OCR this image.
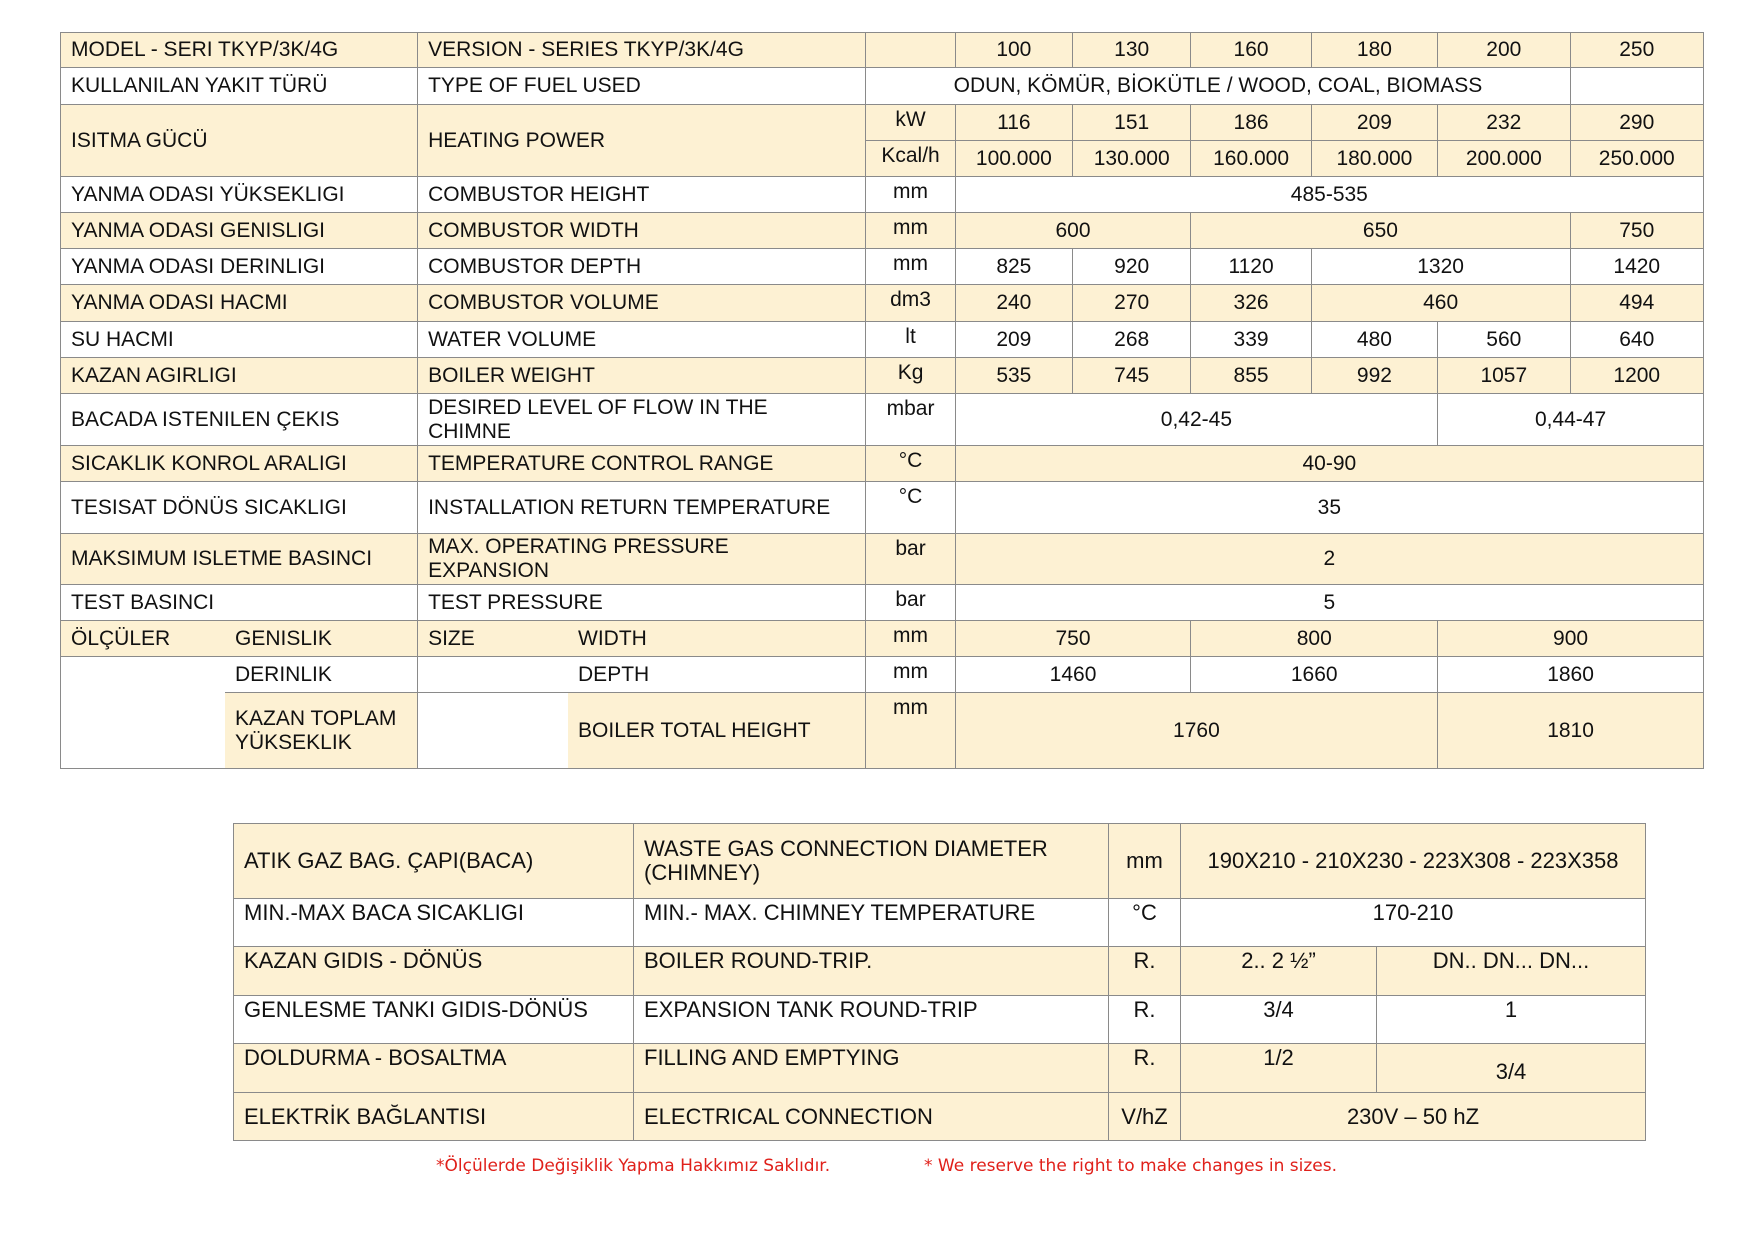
MODEL - SERI TKYP/3K/4G		VERSION - SERIES TKYP/3K/4G			100	130	160	180	200	250
KULLANILAN YAKIT TÜRÜ		TYPE OF FUEL USED		ODUN, KÖMÜR, BİOKÜTLE / WOOD, COAL, BIOMASS						
ISITMA GÜCÜ		HEATING POWER		kW	116	151	186	209	232	290
				Kcal/h	100.000	130.000	160.000	180.000	200.000	250.000
YANMA ODASI YÜKSEKLIGI		COMBUSTOR HEIGHT		mm	485-535					
YANMA ODASI GENISLIGI		COMBUSTOR WIDTH		mm	600		650			750
YANMA ODASI DERINLIGI		COMBUSTOR DEPTH		mm	825	920	1120	1320		1420
YANMA ODASI HACMI		COMBUSTOR VOLUME		dm3	240	270	326	460		494
SU HACMI		WATER VOLUME		lt	209	268	339	480	560	640
KAZAN AGIRLIGI		BOILER WEIGHT		Kg	535	745	855	992	1057	1200
BACADA ISTENILEN ÇEKIS		DESIRED LEVEL OF FLOW IN THE CHIMNE		mbar	0,42-45				0,44-47	
SICAKLIK KONROL ARALIGI		TEMPERATURE CONTROL RANGE		°C	40-90					
TESISAT DÖNÜS SICAKLIGI		INSTALLATION RETURN TEMPERATURE		°C	35					
MAKSIMUM ISLETME BASINCI		MAX. OPERATING PRESSURE EXPANSION		bar	2					
TEST BASINCI		TEST PRESSURE		bar	5					
ÖLÇÜLER	GENISLIK	SIZE	WIDTH	mm	750		800		900	
	DERINLIK		DEPTH	mm	1460		1660		1860	
	KAZAN TOPLAM YÜKSEKLIK		BOILER TOTAL HEIGHT	mm	1760				1810	
ATIK GAZ BAG. ÇAPI(BACA)	WASTE GAS CONNECTION DIAMETER (CHIMNEY)	mm	190X210 - 210X230 - 223X308 - 223X358	
MIN.-MAX BACA SICAKLIGI	MIN.- MAX. CHIMNEY TEMPERATURE	°C	170-210	
KAZAN GIDIS - DÖNÜS	BOILER ROUND-TRIP.	R.	2.. 2 ½”	DN.. DN... DN...
GENLESME TANKI GIDIS-DÖNÜS	EXPANSION TANK ROUND-TRIP	R.	3/4	1
DOLDURMA - BOSALTMA	FILLING AND EMPTYING	R.	1/2	3/4
ELEKTRİK BAĞLANTISI	ELECTRICAL CONNECTION	V/hZ	230V – 50 hZ	
*Ölçülerde Değişiklik Yapma Hakkımız Saklıdır.	* We reserve the right to make changes in sizes.
